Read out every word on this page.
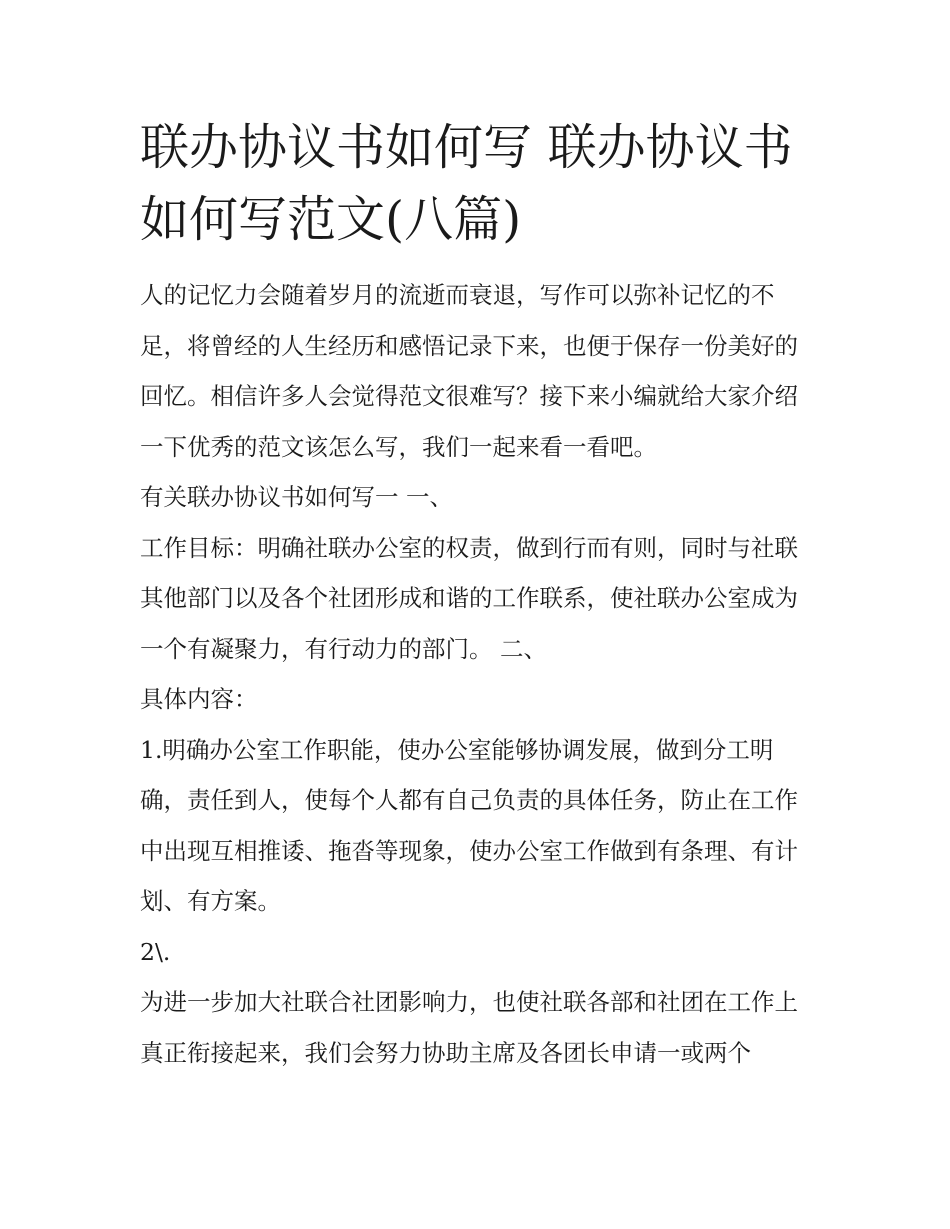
联办协议书如何写 联办协议书如何写范文(八篇)

人的记忆力会随着岁月的流逝而衰退，写作可以弥补记忆的不足，将曾经的人生经历和感悟记录下来，也便于保存一份美好的回忆。相信许多人会觉得范文很难写？接下来小编就给大家介绍一下优秀的范文该怎么写，我们一起来看一看吧。

有关联办协议书如何写一 一、

工作目标：明确社联办公室的权责，做到行而有则，同时与社联其他部门以及各个社团形成和谐的工作联系，使社联办公室成为一个有凝聚力，有行动力的部门。 二、

具体内容：

1.明确办公室工作职能，使办公室能够协调发展，做到分工明确，责任到人，使每个人都有自己负责的具体任务，防止在工作中出现互相推诿、拖沓等现象，使办公室工作做到有条理、有计划、有方案。

2\.

为进一步加大社联合社团影响力，也使社联各部和社团在工作上真正衔接起来，我们会努力协助主席及各团长申请一或两个
